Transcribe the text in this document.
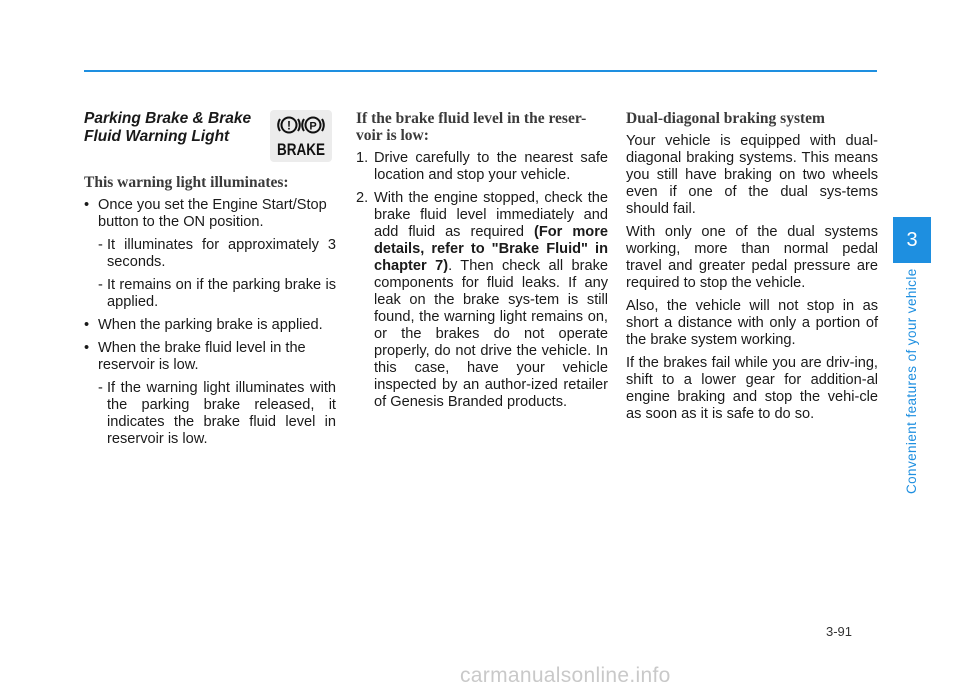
Parking Brake & Brake
Fluid Warning Light
This warning light illuminates:
• Once you set the Engine Start/Stop button to the ON position.
- It illuminates for approximately 3 seconds.
- It remains on if the parking brake is applied.
• When the parking brake is applied.
• When the brake fluid level in the reservoir is low.
- If the warning light illuminates with the parking brake released, it indicates the brake fluid level in reservoir is low.
! P
BRAKE
If the brake fluid level in the reser-voir is low:
1. Drive carefully to the nearest safe location and stop your vehicle.
2. With the engine stopped, check the brake fluid level immediately and add fluid as required (For more details, refer to "Brake Fluid" in chapter 7). Then check all brake components for fluid leaks. If any leak on the brake sys-tem is still found, the warning light remains on, or the brakes do not operate properly, do not drive the vehicle. In this case, have your vehicle inspected by an author-ized retailer of Genesis Branded products.
Dual-diagonal braking system

Your vehicle is equipped with dual-diagonal braking systems. This means you still have braking on two wheels even if one of the dual sys-tems should fail.

With only one of the dual systems working, more than normal pedal travel and greater pedal pressure are required to stop the vehicle.

Also, the vehicle will not stop in as short a distance with only a portion of the brake system working.

If the brakes fail while you are driv-ing, shift to a lower gear for addition-al engine braking and stop the vehi-cle as soon as it is safe to do so.

3
Convenient features of your vehicle
3-91
carmanualsonline.info
